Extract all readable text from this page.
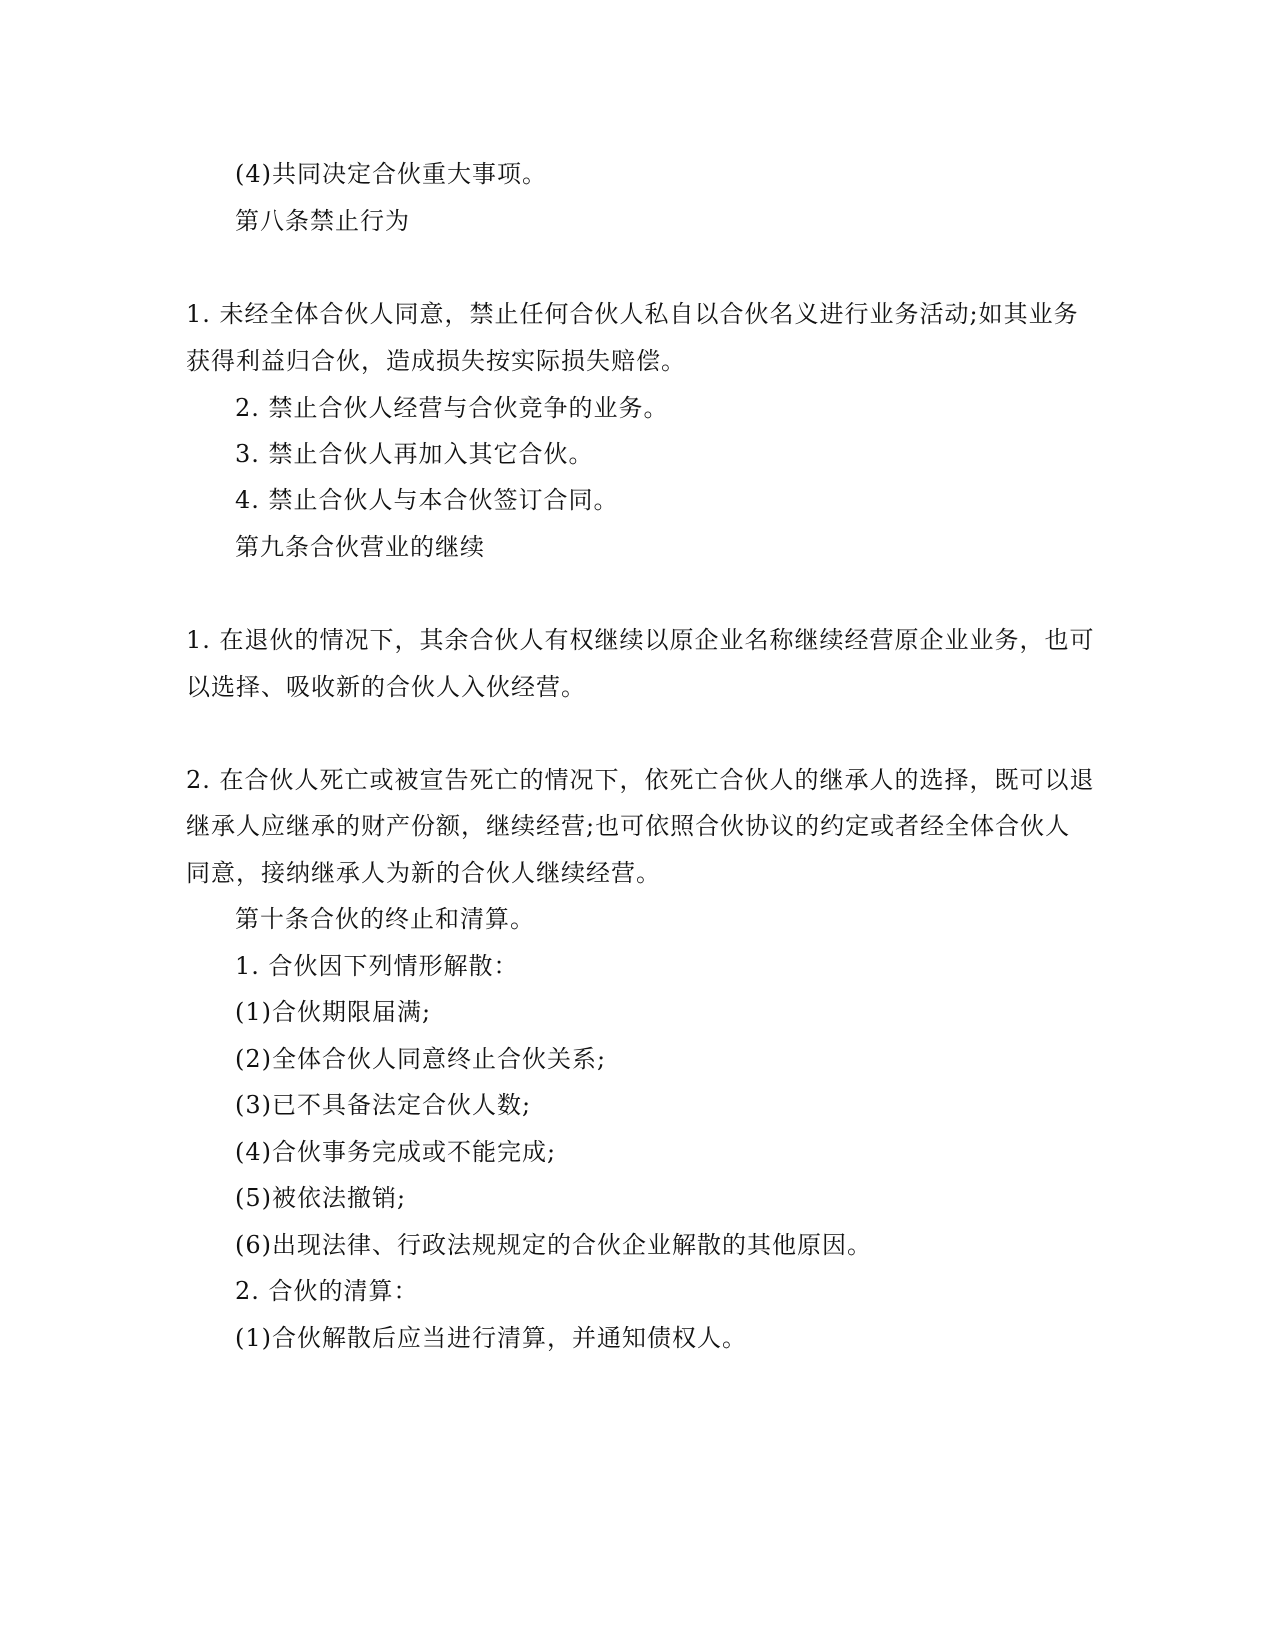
(4)共同决定合伙重大事项。
第八条禁止行为
1. 未经全体合伙人同意，禁止任何合伙人私自以合伙名义进行业务活动;如其业务
获得利益归合伙，造成损失按实际损失赔偿。
2. 禁止合伙人经营与合伙竞争的业务。
3. 禁止合伙人再加入其它合伙。
4. 禁止合伙人与本合伙签订合同。
第九条合伙营业的继续
1. 在退伙的情况下，其余合伙人有权继续以原企业名称继续经营原企业业务，也可
以选择、吸收新的合伙人入伙经营。
2. 在合伙人死亡或被宣告死亡的情况下，依死亡合伙人的继承人的选择，既可以退
继承人应继承的财产份额，继续经营;也可依照合伙协议的约定或者经全体合伙人
同意，接纳继承人为新的合伙人继续经营。
第十条合伙的终止和清算。
1. 合伙因下列情形解散：
(1)合伙期限届满;
(2)全体合伙人同意终止合伙关系;
(3)已不具备法定合伙人数;
(4)合伙事务完成或不能完成;
(5)被依法撤销;
(6)出现法律、行政法规规定的合伙企业解散的其他原因。
2. 合伙的清算：
(1)合伙解散后应当进行清算，并通知债权人。
